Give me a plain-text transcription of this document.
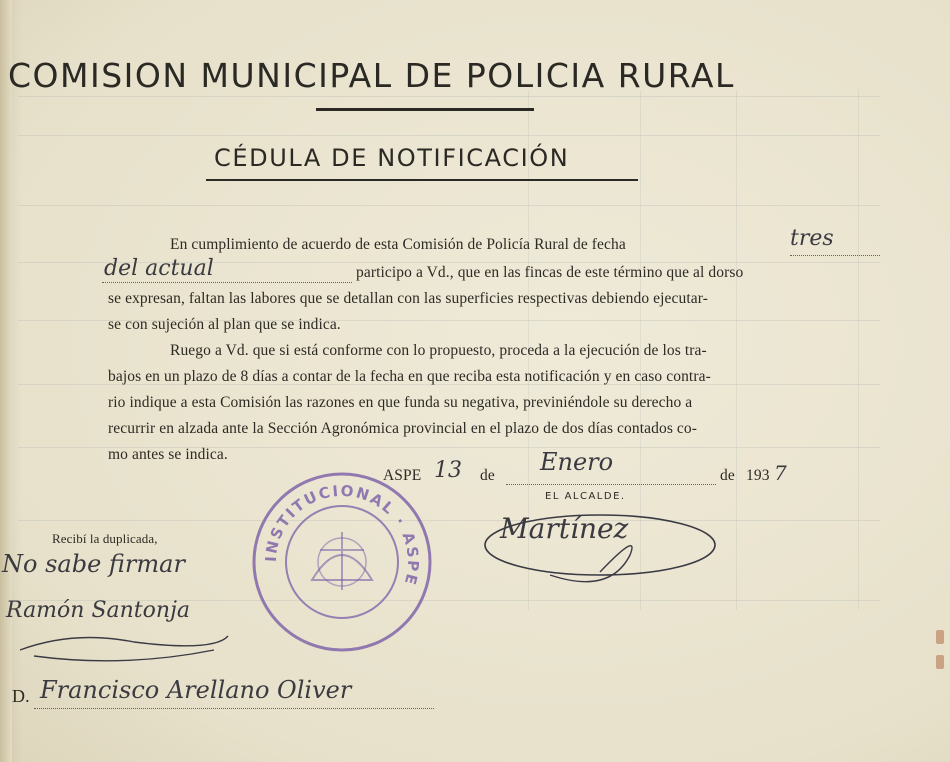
COMISION MUNICIPAL DE POLICIA RURAL
CÉDULA DE NOTIFICACIÓN
En cumplimiento de acuerdo de esta Comisión de Policía Rural de fecha	tres
del actual	participo a Vd., que en las fincas de este término que al dorso
se expresan, faltan las labores que se detallan con las superficies respectivas debiendo ejecutar-
se con sujeción al plan que se indica.
Ruego a Vd. que si está conforme con lo propuesto, proceda a la ejecución de los tra-
bajos en un plazo de 8 días a contar de la fecha en que reciba esta notificación y en caso contra-
rio indique a esta Comisión las razones en que funda su negativa, previniéndole su derecho a
recurrir en alzada ante la Sección Agronómica provincial en el plazo de dos días contados co-
mo antes se indica.
ASPE 13 de Enero	de 193 7
EL ALCALDE.
Martínez
Recibí la duplicada,
No sabe firmar
Ramón Santonja
D. Francisco Arellano Oliver
INSTITUCIONAL · ASPE
